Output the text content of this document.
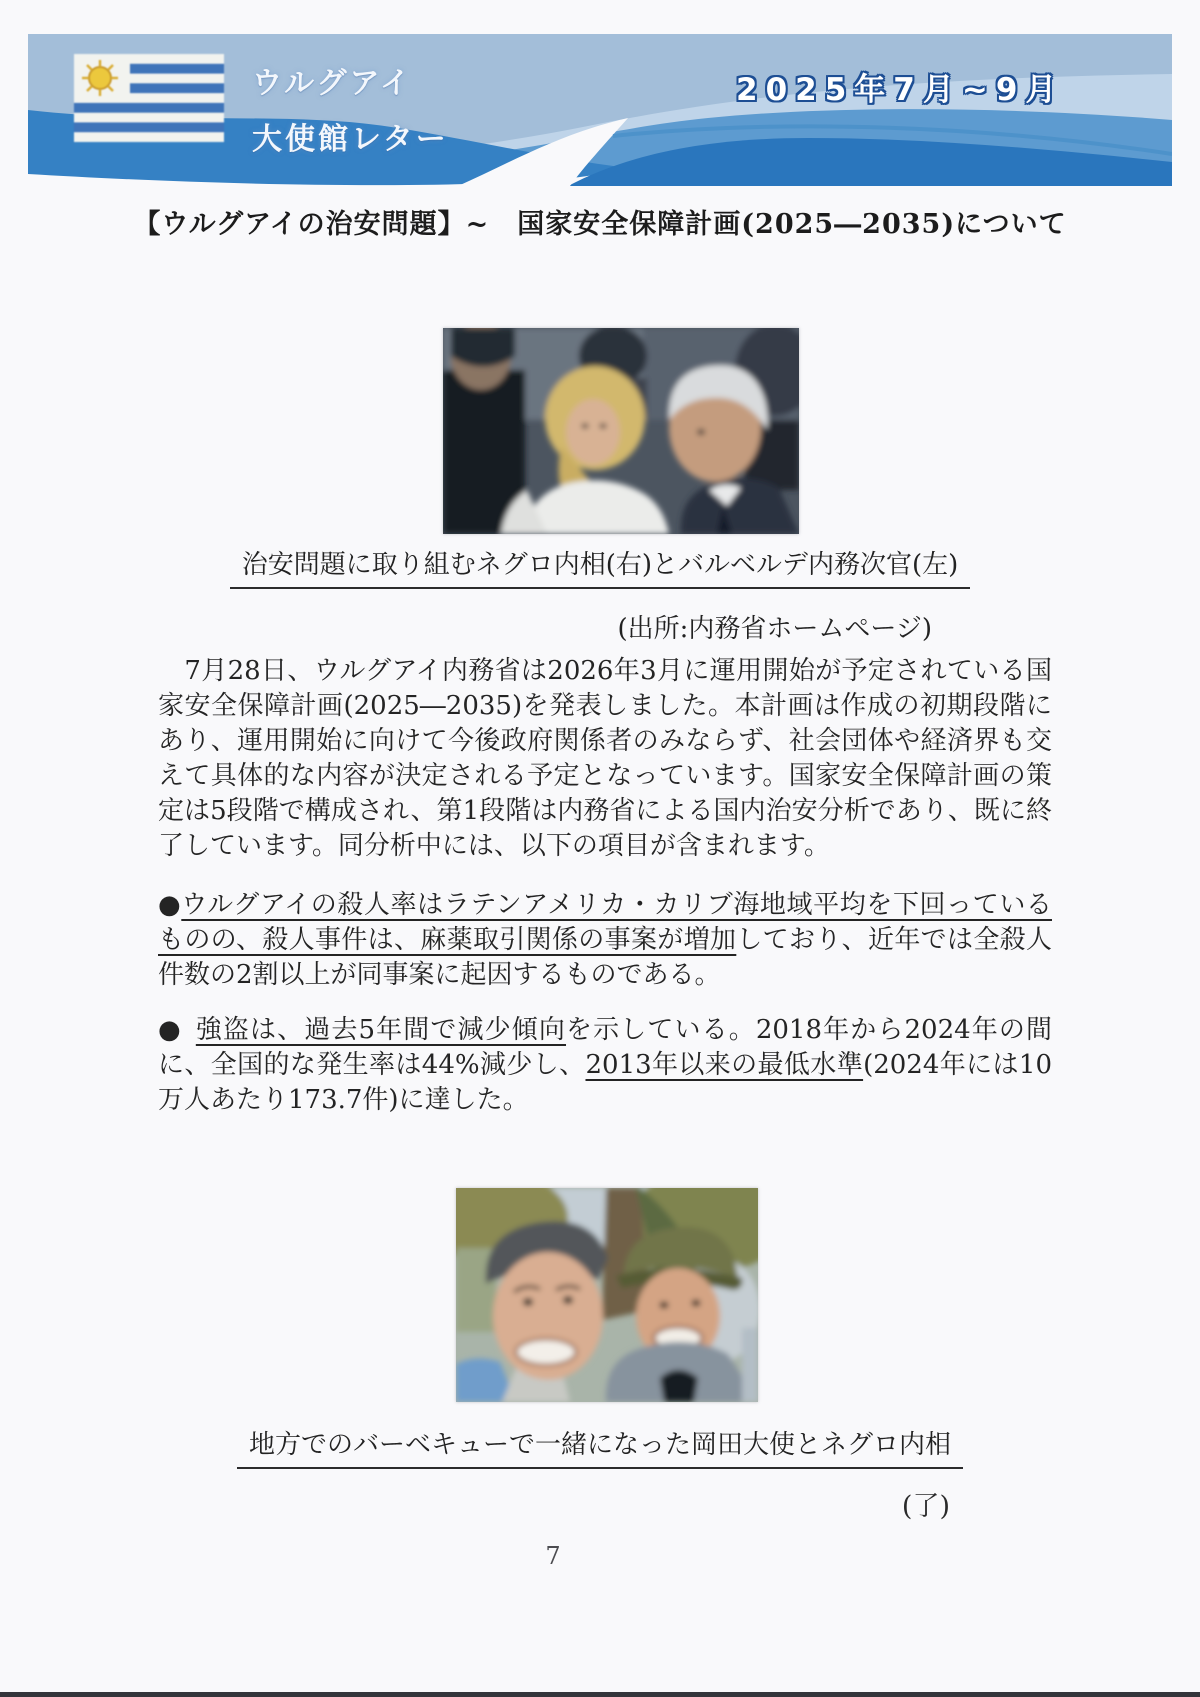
ウルグアイ
大使館レター
2025年7月~9月
【ウルグアイの治安問題】~　国家安全保障計画(2025―2035)について
治安問題に取り組むネグロ内相(右)とバルベルデ内務次官(左)
(出所:内務省ホームページ)
　7月28日、ウルグアイ内務省は2026年3月に運用開始が予定されている国家安全保障計画(2025―2035)を発表しました。本計画は作成の初期段階にあり、運用開始に向けて今後政府関係者のみならず、社会団体や経済界も交えて具体的な内容が決定される予定となっています。国家安全保障計画の策定は5段階で構成され、第1段階は内務省による国内治安分析であり、既に終了しています。同分析中には、以下の項目が含まれます。
●ウルグアイの殺人率はラテンアメリカ・カリブ海地域平均を下回っているものの、殺人事件は、麻薬取引関係の事案が増加しており、近年では全殺人件数の2割以上が同事案に起因するものである。
● 強盗は、過去5年間で減少傾向を示している。2018年から2024年の間に、全国的な発生率は44%減少し、2013年以来の最低水準(2024年には10万人あたり173.7件)に達した。
地方でのバーベキューで一緒になった岡田大使とネグロ内相
(了)
7
